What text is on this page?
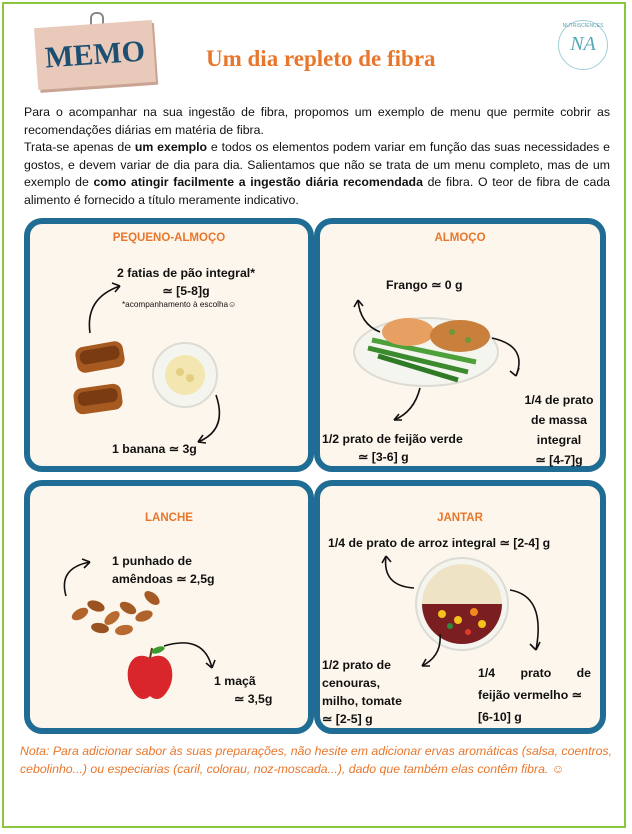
MEMO	Um dia repleto de fibra
NUTRISCIENCES
NA
Para o acompanhar na sua ingestão de fibra, propomos um exemplo de menu que permite cobrir as recomendações diárias em matéria de fibra.
Trata-se apenas de um exemplo e todos os elementos podem variar em função das suas necessidades e gostos, e devem variar de dia para dia. Salientamos que não se trata de um menu completo, mas de um exemplo de como atingir facilmente a ingestão diária recomendada de fibra. O teor de fibra de cada alimento é fornecido a título meramente indicativo.
PEQUENO-ALMOÇO
2 fatias de pão integral*
≃ [5-8]g
*acompanhamento à escolha☺
1 banana ≃ 3g
ALMOÇO
Frango ≃ 0 g
1/2 prato de feijão verde
≃ [3-6] g
1/4 de prato
de massa
integral
≃ [4-7]g
LANCHE
1 punhado de
amêndoas ≃ 2,5g
1 maçã
≃ 3,5g
JANTAR
1/4 de prato de arroz integral ≃ [2-4] g
1/2 prato de
cenouras,
milho, tomate
≃ [2-5] g
1/4 prato de
feijão vermelho ≃
[6-10] g
Nota: Para adicionar sabor às suas preparações, não hesite em adicionar ervas aromáticas (salsa, coentros, cebolinho...) ou especiarias (caril, colorau, noz-moscada...), dado que também elas contêm fibra. ☺
